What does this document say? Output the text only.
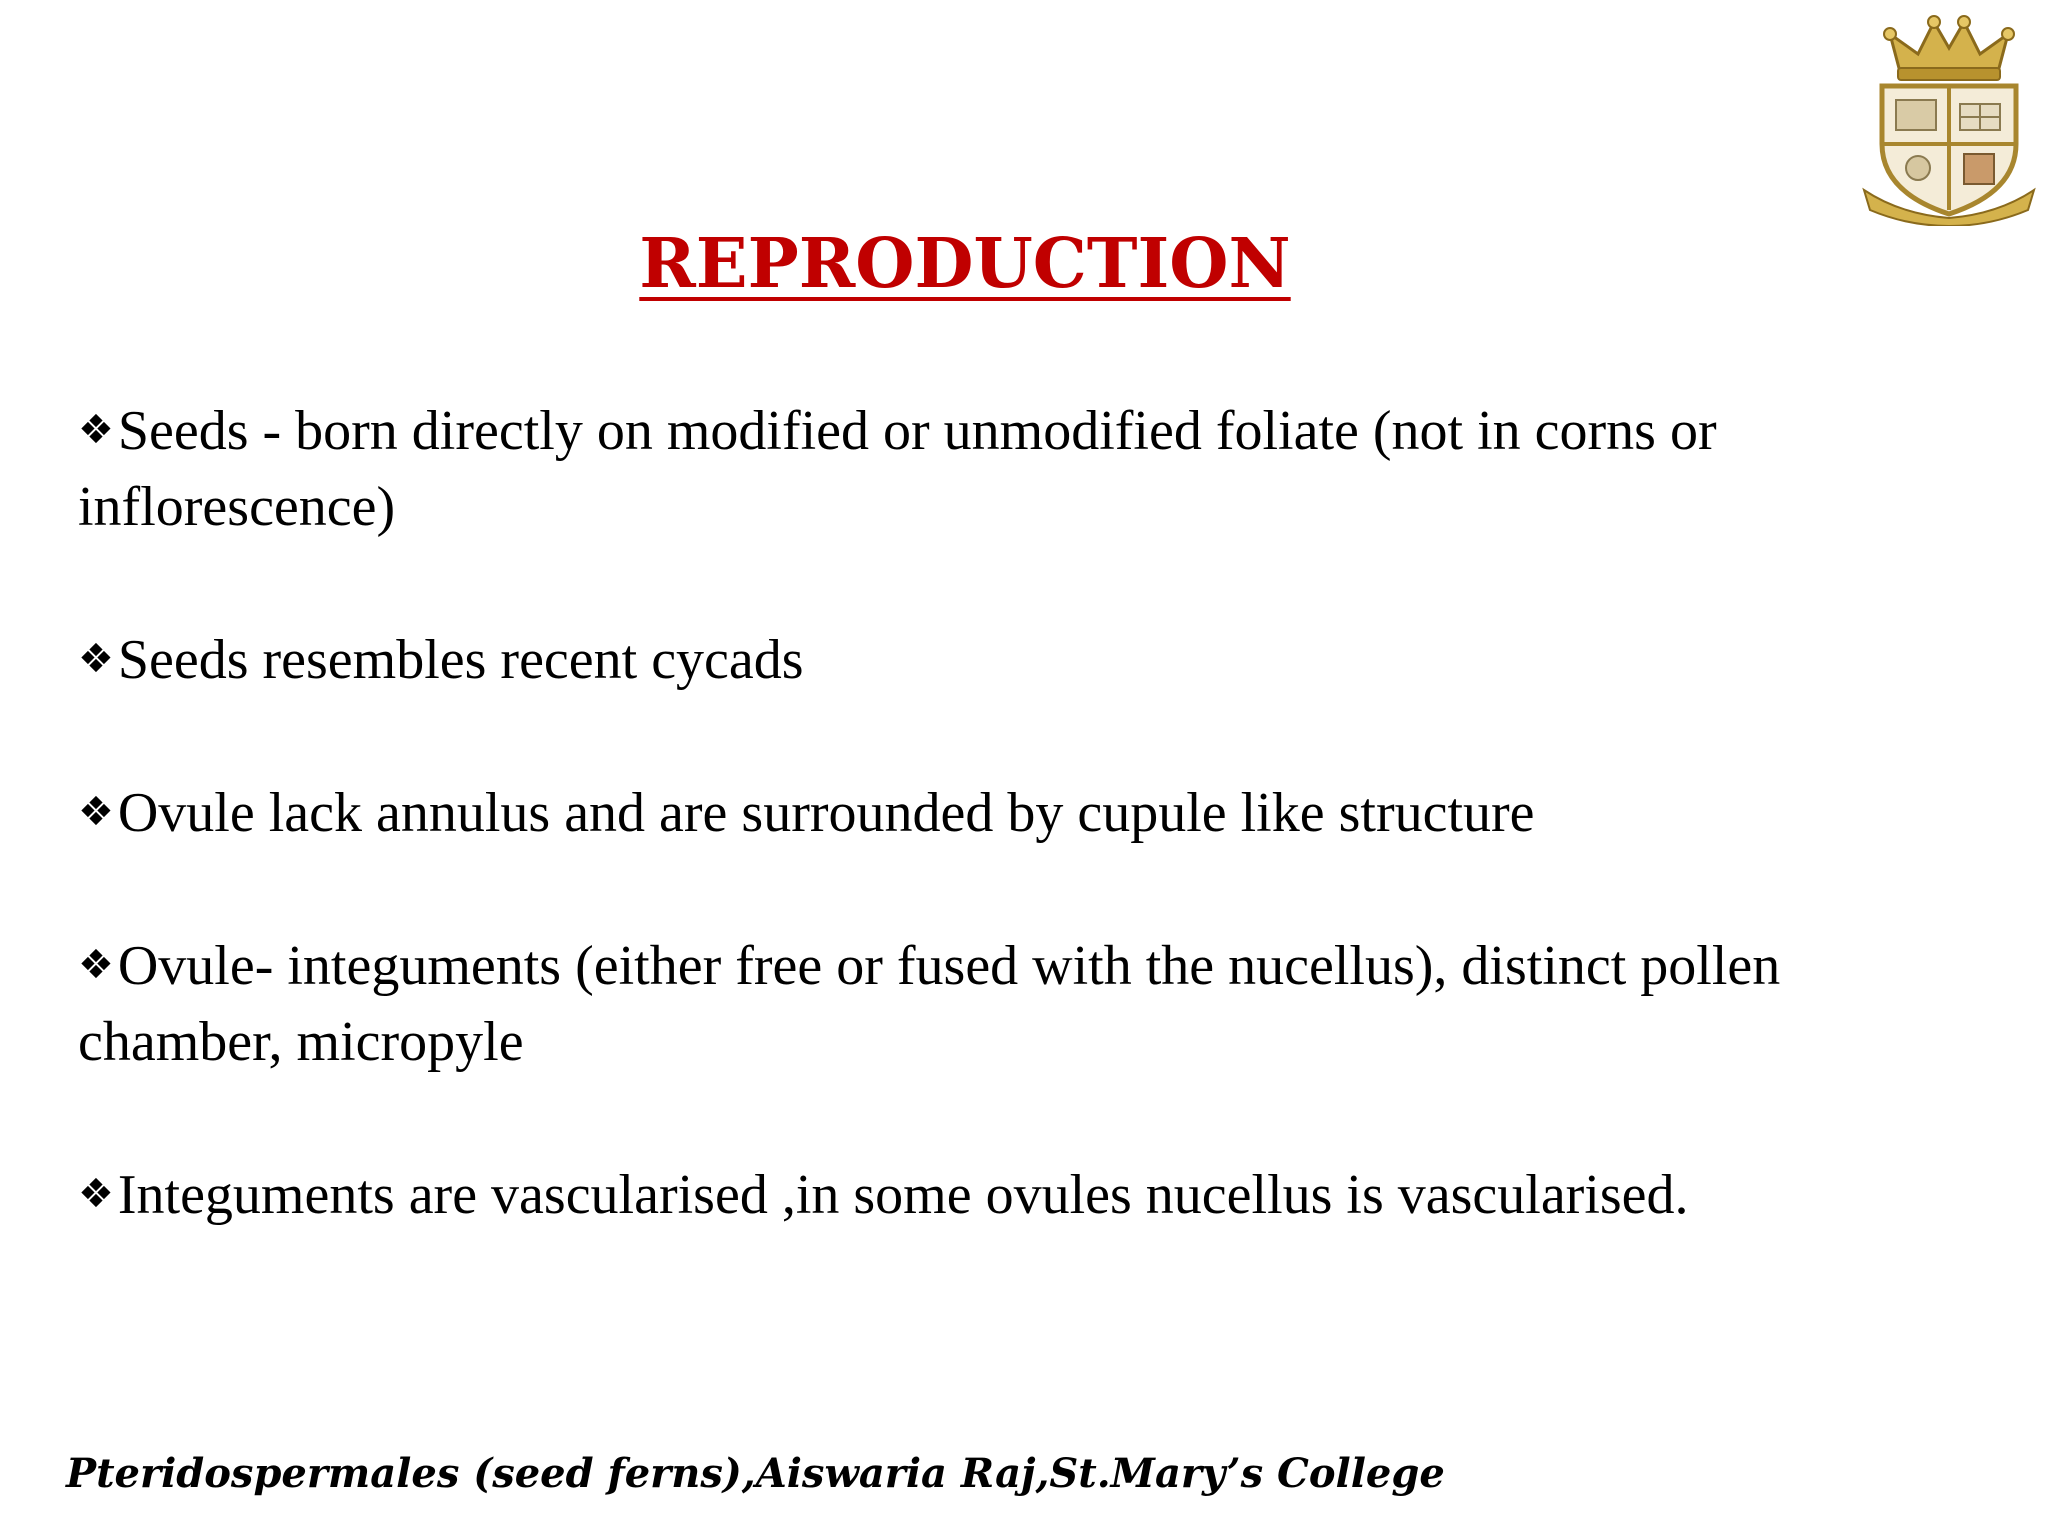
REPRODUCTION
❖Seeds - born directly on modified or unmodified foliate (not in corns or inflorescence)
❖Seeds resembles recent cycads
❖Ovule lack annulus and are surrounded by cupule like structure
❖Ovule- integuments (either free or fused with the nucellus), distinct pollen chamber, micropyle
❖Integuments are vascularised ,in some ovules nucellus is vascularised.
Pteridospermales (seed ferns),Aiswaria Raj,St.Mary’s College
